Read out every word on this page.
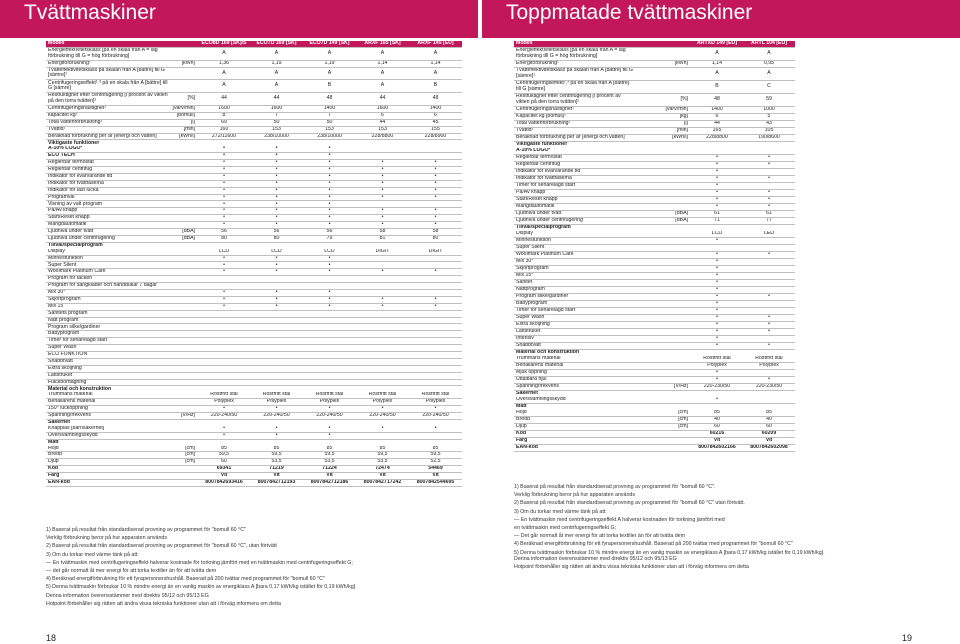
Tvättmaskiner	Toppmatade tvättmaskiner
Modell		ECO8D 169 [SK]/S	ECO7D 169 [SK]	ECO7D 149 [SK]	ARXF 165 [SK]	ARXF 145 [EU]
Energieffektivitetsklass [på en skala från A = låg förbrukning till G = hög förbrukning]		A	A	A	A	A
Energiförbrukning¹	[kWh]	1,36	1,19	1,19	1,14	1,14
Tvätteffektivitetsklass på skalan från A [bättre] till G [sämre]¹		A	A	A	A	A
Centrifugeringseffekt¹˒³ på en skala från A [bättre] till G [sämre]		A	A	B	A	B
Restfuktighet efter centrifugering [i procent av vikten på den torra tvätten]¹	[%]	44	44	48	44	48
Centrifugeringshastighet¹	[varv/min]	1600	1600	1400	1600	1400
kapacitet kg¹	[bomull]	8	7	7	6	6
Total vattenförbrukning¹	[l]	69	50	50	44	45
Tvättid¹	[min]	160	153	153	153	155
Beräknad förbrukning per år [energi och vatten]	[kWh/l]	272/11600	238/10000	238/10000	228/8800	228/8900
Viktigaste funktioner						
A-10% LOGO²		•	•	•		
ECO TECH		•	•	•		
Reglerbar termostat		•	•	•	•	•
Reglerbar centrifug		•	•	•	•	•
Indikator för kvarvarande tid		•	•	•	•	•
Indikator för tvättfaserna		•	•	•	•	•
Indikator för låst lucka		•	•	•	•	•
Programval		•	•	•	•	•
Visning av valt program		•	•	•		
På/Av knapp		•	•	•	•	•
Start/Reset knapp		•	•	•	•	•
Mängdautomatik		•	•	•	•	•
Ljudnivå under tvätt	[dBA]	56	56	56	58	58
Ljudnivå under centrifugering	[dBA]	80	80	79	81	80
Tillval/specialprogram						
Display		LCD	LCD	LCD	DIGIT	DIGIT
Minnesfunktion		•	•	•		
Super Silent		•	•	•		
Woolmark Platinum Care		•	•	•	•	•
Program för täcken						
Program för sängkläder och handdukar 7 dagar						
Mix 30°		•	•	•		
Skjortprogram		•	•	•	•	•
Mix 15		•	•	•	•	•
Sanitets program						
Natt program						
Program silke/gardiner						
Babyprogram						
Timer för senarelagd start						
Super Wash						
ECO FUNKTION						
Snabbtvätt						
Extra sköljning						
Lättstruket						
Fläckborttagning						
Material och konstruktion						
Trummans material		Rostfritt stål	Rostfritt stål	Rostfritt stål	Rostfritt stål	Rostfritt stål
Behållarens material		Polyplex	Polyplex	Polyplex	Polyplex	Polyplex
150° luckoppning		•	•	•	•	•
Spänning/frekvens	[V/Hz]	220-240/50	220-240/50	220-240/50	220-240/50	220-240/50
Säkerhet						
Knapplås [barnsäkerhet]		•	•	•	•	•
Översvämningsskydd		•	•	•		
Mått						
Höjd	[cm]	85	85	85	85	85
Bredd	[cm]	59,5	59,5	59,5	59,5	59,5
Djup	[cm]	60	53,5	53,5	53,5	52,5
Kod		69341	71219	71224	72474	54469
Färg		Vit	Vit	Vit	Vit	Vit
EAN-kod		8007842693416	8007842712193	8007842712186	8007842717242	8007842544695
1) Baserat på resultat från standardiserad provning av programmet för "bomull 60 °C"
Verklig förbrukning beror på hur apparaten används
2) Baserat på resultat från standardiserad provning av programmet för "bomull 60 °C", utan förtvätt
3) Om du torkar med värme tänk på att:
— En tvättmaskin med centrifugeringseffekt halverar kostnade för torkning jämfört med en tvättmaskin med centrifugeringseffekt G;
— det går normalt åt mer energi för att torka textilier än för att tvätta dem
4) Beräknad energiförbrukning för ett fyrapersonershushåll. Baserad på 200 tvättar med programmet för "bomull 60 °C"
5) Denna tvättmaskin förbrukar 10 % mindre energi än en vanlig maskin av energiklass A [bara 0,17 kWh/kg istället för 0,19 kWh/kg]
Denna information överensstämmer med direktiv 95/12 och 95/13 EG
Hotpoint förbehåller sig rätten att ändra vissa tekniska funktioner utan att i förväg informera om detta
Modell		ARTXD 149 [EU]	ARTL 104 [EU]
Energieffektivitetsklass [på en skala från A = låg förbrukning till G = hög förbrukning]		A	A
Energiförbrukning¹	[kWh]	1,14	0,95
Tvätteffektivitetsklass på skalan från A [bättre] till G [sämre]¹		A	A
Centrifugeringseffekt¹˒³ på en skala från A [bättre] till G [sämre]		B	C
Restfuktighet efter centrifugering [i procent av vikten på den torra tvätten]¹	[%]	48	59
Centrifugeringshastighet¹	[varv/min]	1400	1000
Kapacitet kg [bomull]¹	[kg]	6	5
Total vattenförbrukning¹	[l]	44	43
Tvättid¹	[min]	165	105
Beräknad förbrukning per år [energi och vatten]	[kWh/l]	228/8800	190/8600
Viktigaste funktioner			
A-10% LOGO²			
Reglerbar termostat		•	•
Reglerbar centrifug		•	•
Indikator för kvarvarande tid		•	
Indikator för tvättfaserna		•	•
Timer för senarelagd start		•	
På/Av knapp		•	•
Start/Reset knapp		•	•
Mängdautomatik		•	•
Ljudnivå under tvätt	[dBA]	61	61
Ljudnivå under centrifugering	[dBA]	71	77
Tillval/specialprogram			
Display		LCD	LED
Minnesfunktion		•	
Super Silent			
Woolmark Platinum Care		•	•
Mix 30°		•	
Skjortprogram		•	
Mix 15°		•	
Sanitet		•	
Nattprogram		•	
Program silke/gardiner		•	•
Babyprogram		•	
Timer för senarelagd start		•	
Super Wash		•	•
Extra sköljning		•	•
Lättstruket		•	•
Intensiv		•	
Snabbtvätt		•	•
Material och konstruktion			
Trummans material		Rostfritt stål	Rostfritt stål
Behållarens material		Polyplex	Polyplex
Mjuk öppning		•	
Uttalbara hjul		•	•
Spänning/frekvens	[V/Hz]	220-230/50	220-230/50
Säkerhet			
Översvämningsskydd		•	
Mått			
Höjd	[cm]	85	85
Bredd	[cm]	40	40
Djup	[cm]	60	60
Kod		60216	60209
Färg		Vit	Vit
EAN-kod		8007842602166	8007842602098
1) Baserat på resultat från standardiserad provning av programmet för "bomull 60 °C".
Verklig förbrukning beror på hur apparaten används
2) Baserat på resultat från standardiserad provning av programmet för "bomull 60 °C" utan förtvätt.
3) Om du torkar med värme tänk på att:
— En tvättmaskin med centrifugeringseffekt A halverar kostnaden för torkning jämfört med
en tvättmaskin med centrifugeringseffekt G;
— Det går normalt åt mer energi för att torka textilier än för att tvätta dem
4) Beräknad energiförbrukning för ett fyrapersonershushåll. Baserad på 200 tvättar med programmet för "bomull 60 °C"
5) Denna tvättmaskin förbrukar 10 % mindre energi än en vanlig maskin av energiklass A [bara 0,17 kWh/kg istället för 0,19 kWh/kg].
Denna information överensstämmer med direktiv 95/12 och 95/13 EG
Hotpoint förbehåller sig rätten att ändra vissa tekniska funktioner utan att i förväg informera om detta
18	19
